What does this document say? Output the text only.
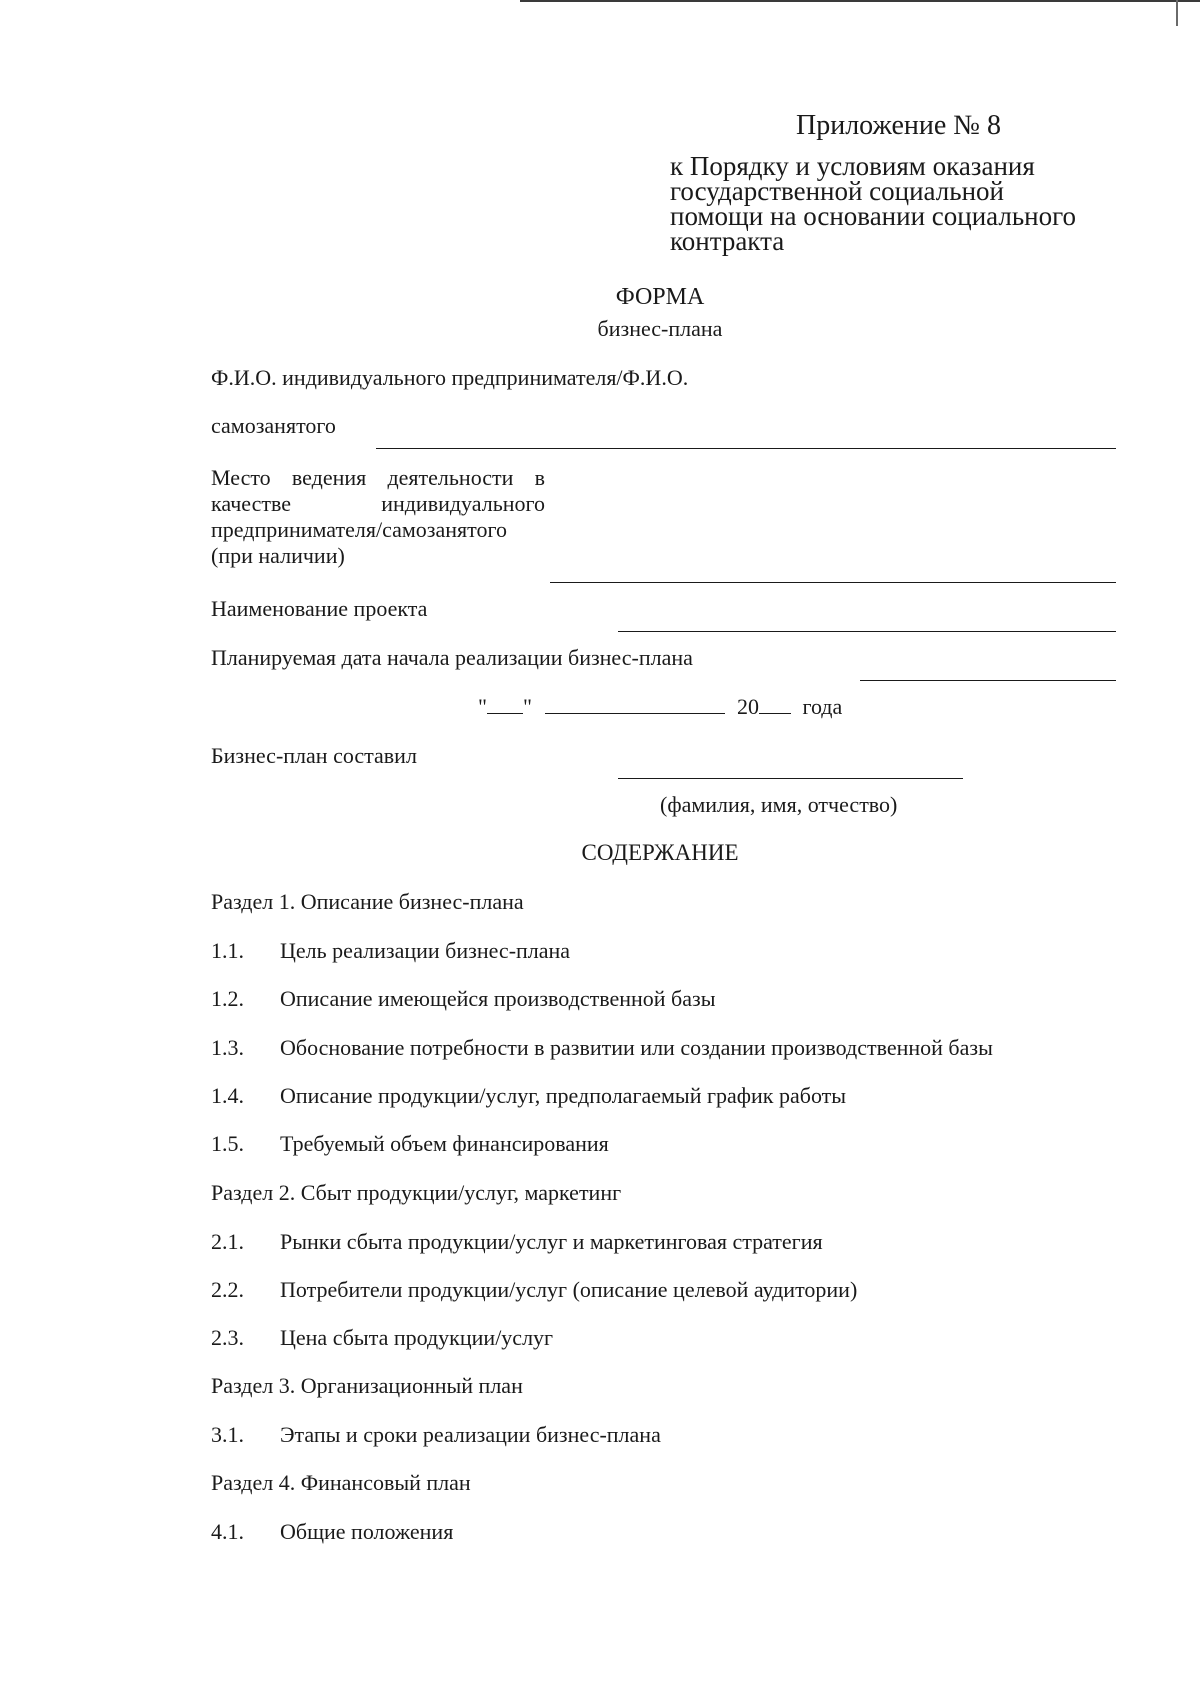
Приложение № 8
к Порядку и условиям оказания
государственной социальной
помощи на основании социального
контракта
ФОРМА
бизнес-плана
Ф.И.О. индивидуального предпринимателя/Ф.И.О.
самозанятого
Место ведения деятельности в
качестве индивидуального
предпринимателя/самозанятого
(при наличии)
Наименование проекта
Планируемая дата начала реализации бизнес-плана
" "	20 года
Бизнес-план составил
(фамилия, имя, отчество)
СОДЕРЖАНИЕ
Раздел 1. Описание бизнес-плана
1.1. Цель реализации бизнес-плана
1.2. Описание имеющейся производственной базы
1.3. Обоснование потребности в развитии или создании производственной базы
1.4. Описание продукции/услуг, предполагаемый график работы
1.5. Требуемый объем финансирования
Раздел 2. Сбыт продукции/услуг, маркетинг
2.1. Рынки сбыта продукции/услуг и маркетинговая стратегия
2.2. Потребители продукции/услуг (описание целевой аудитории)
2.3. Цена сбыта продукции/услуг
Раздел 3. Организационный план
3.1. Этапы и сроки реализации бизнес-плана
Раздел 4. Финансовый план
4.1. Общие положения
